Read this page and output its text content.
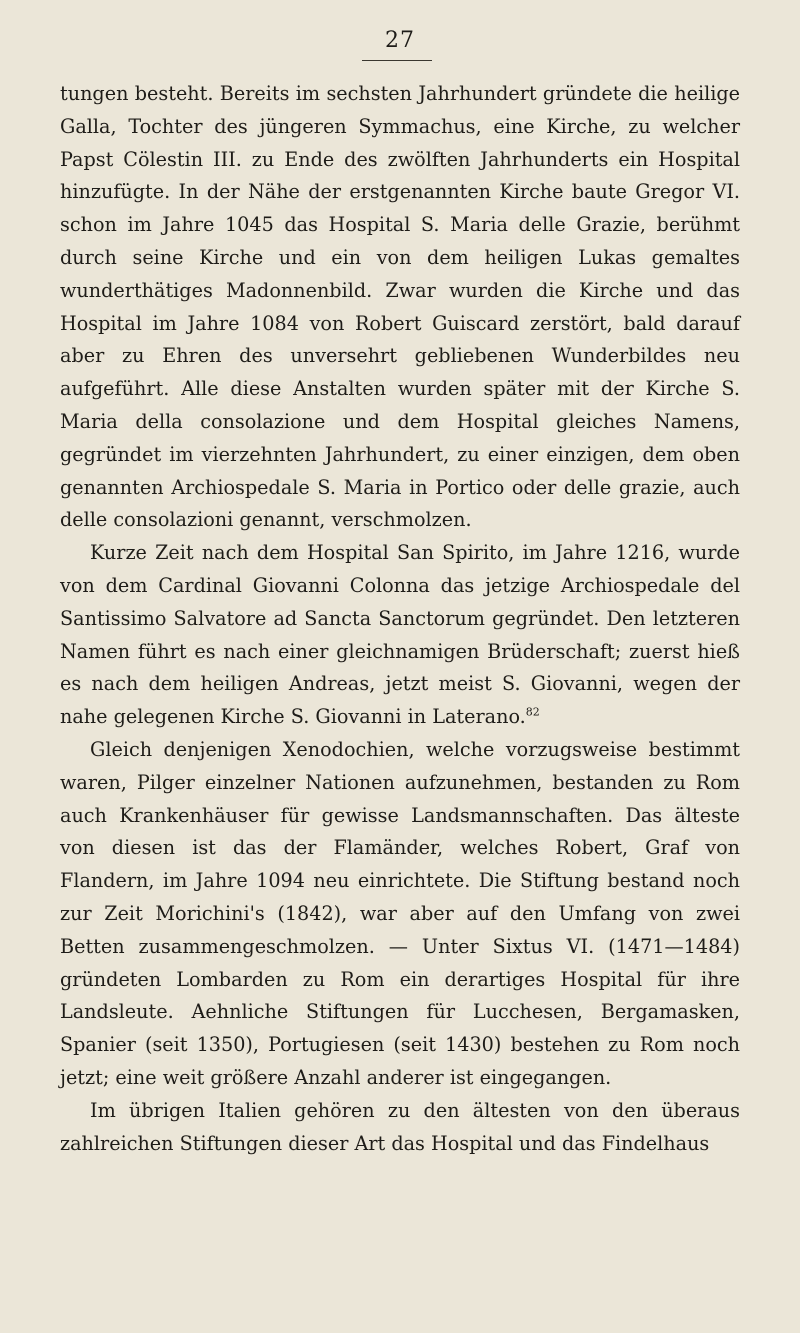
27

tungen besteht. Bereits im sechsten Jahrhundert gründete die heilige Galla, Tochter des jüngeren Symmachus, eine Kirche, zu welcher Papst Cölestin III. zu Ende des zwölften Jahrhunderts ein Hospital hinzufügte. In der Nähe der erstgenannten Kirche baute Gregor VI. schon im Jahre 1045 das Hospital S. Maria delle Grazie, berühmt durch seine Kirche und ein von dem heiligen Lukas gemaltes wunderthätiges Madonnenbild. Zwar wurden die Kirche und das Hospital im Jahre 1084 von Robert Guiscard zerstört, bald darauf aber zu Ehren des unversehrt gebliebenen Wunderbildes neu aufgeführt. Alle diese Anstalten wurden später mit der Kirche S. Maria della consolazione und dem Hospital gleiches Namens, gegründet im vierzehnten Jahrhundert, zu einer einzigen, dem oben genannten Archiospedale S. Maria in Portico oder delle grazie, auch delle consolazioni genannt, verschmolzen.

Kurze Zeit nach dem Hospital San Spirito, im Jahre 1216, wurde von dem Cardinal Giovanni Colonna das jetzige Archiospedale del Santissimo Salvatore ad Sancta Sanctorum gegründet. Den letzteren Namen führt es nach einer gleichnamigen Brüderschaft; zuerst hieß es nach dem heiligen Andreas, jetzt meist S. Giovanni, wegen der nahe gelegenen Kirche S. Giovanni in Laterano.$^{82}$

Gleich denjenigen Xenodochien, welche vorzugsweise bestimmt waren, Pilger einzelner Nationen aufzunehmen, bestanden zu Rom auch Krankenhäuser für gewisse Landsmannschaften. Das älteste von diesen ist das der Flamänder, welches Robert, Graf von Flandern, im Jahre 1094 neu einrichtete. Die Stiftung bestand noch zur Zeit Morichini's (1842), war aber auf den Umfang von zwei Betten zusammengeschmolzen. — Unter Sixtus VI. (1471—1484) gründeten Lombarden zu Rom ein derartiges Hospital für ihre Landsleute. Aehnliche Stiftungen für Lucchesen, Bergamasken, Spanier (seit 1350), Portugiesen (seit 1430) bestehen zu Rom noch jetzt; eine weit größere Anzahl anderer ist eingegangen.

Im übrigen Italien gehören zu den ältesten von den überaus zahlreichen Stiftungen dieser Art das Hospital und das Findelhaus
